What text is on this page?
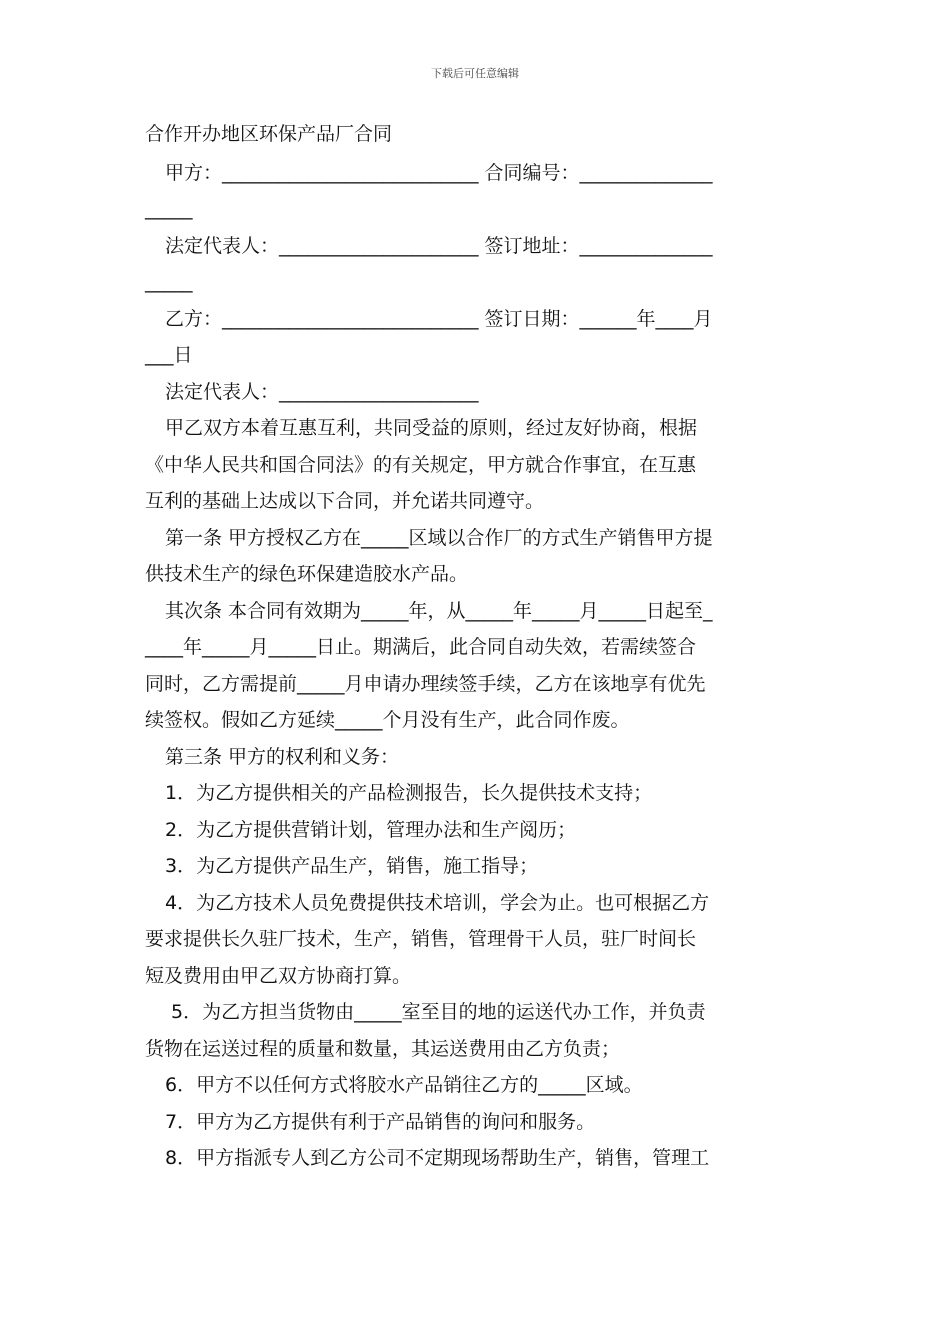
下载后可任意编辑

合作开办地区环保产品厂合同

甲方：___________________________ 合同编号：______________

_____

法定代表人：_____________________ 签订地址：______________

_____

乙方：___________________________ 签订日期：______年____月

___日

法定代表人：_____________________

甲乙双方本着互惠互利，共同受益的原则，经过友好协商，根据

《中华人民共和国合同法》的有关规定，甲方就合作事宜，在互惠

互利的基础上达成以下合同，并允诺共同遵守。

第一条 甲方授权乙方在_____区域以合作厂的方式生产销售甲方提

供技术生产的绿色环保建造胶水产品。

其次条 本合同有效期为_____年，从_____年_____月_____日起至_

____年_____月_____日止。期满后，此合同自动失效，若需续签合

同时，乙方需提前_____月申请办理续签手续，乙方在该地享有优先

续签权。假如乙方延续_____个月没有生产，此合同作废。

第三条 甲方的权利和义务：

1．为乙方提供相关的产品检测报告，长久提供技术支持；

2．为乙方提供营销计划，管理办法和生产阅历；

3．为乙方提供产品生产，销售，施工指导；

4．为乙方技术人员免费提供技术培训，学会为止。也可根据乙方

要求提供长久驻厂技术，生产，销售，管理骨干人员，驻厂时间长

短及费用由甲乙双方协商打算。

5．为乙方担当货物由_____室至目的地的运送代办工作，并负责

货物在运送过程的质量和数量，其运送费用由乙方负责；

6．甲方不以任何方式将胶水产品销往乙方的_____区域。

7．甲方为乙方提供有利于产品销售的询问和服务。

8．甲方指派专人到乙方公司不定期现场帮助生产，销售，管理工
